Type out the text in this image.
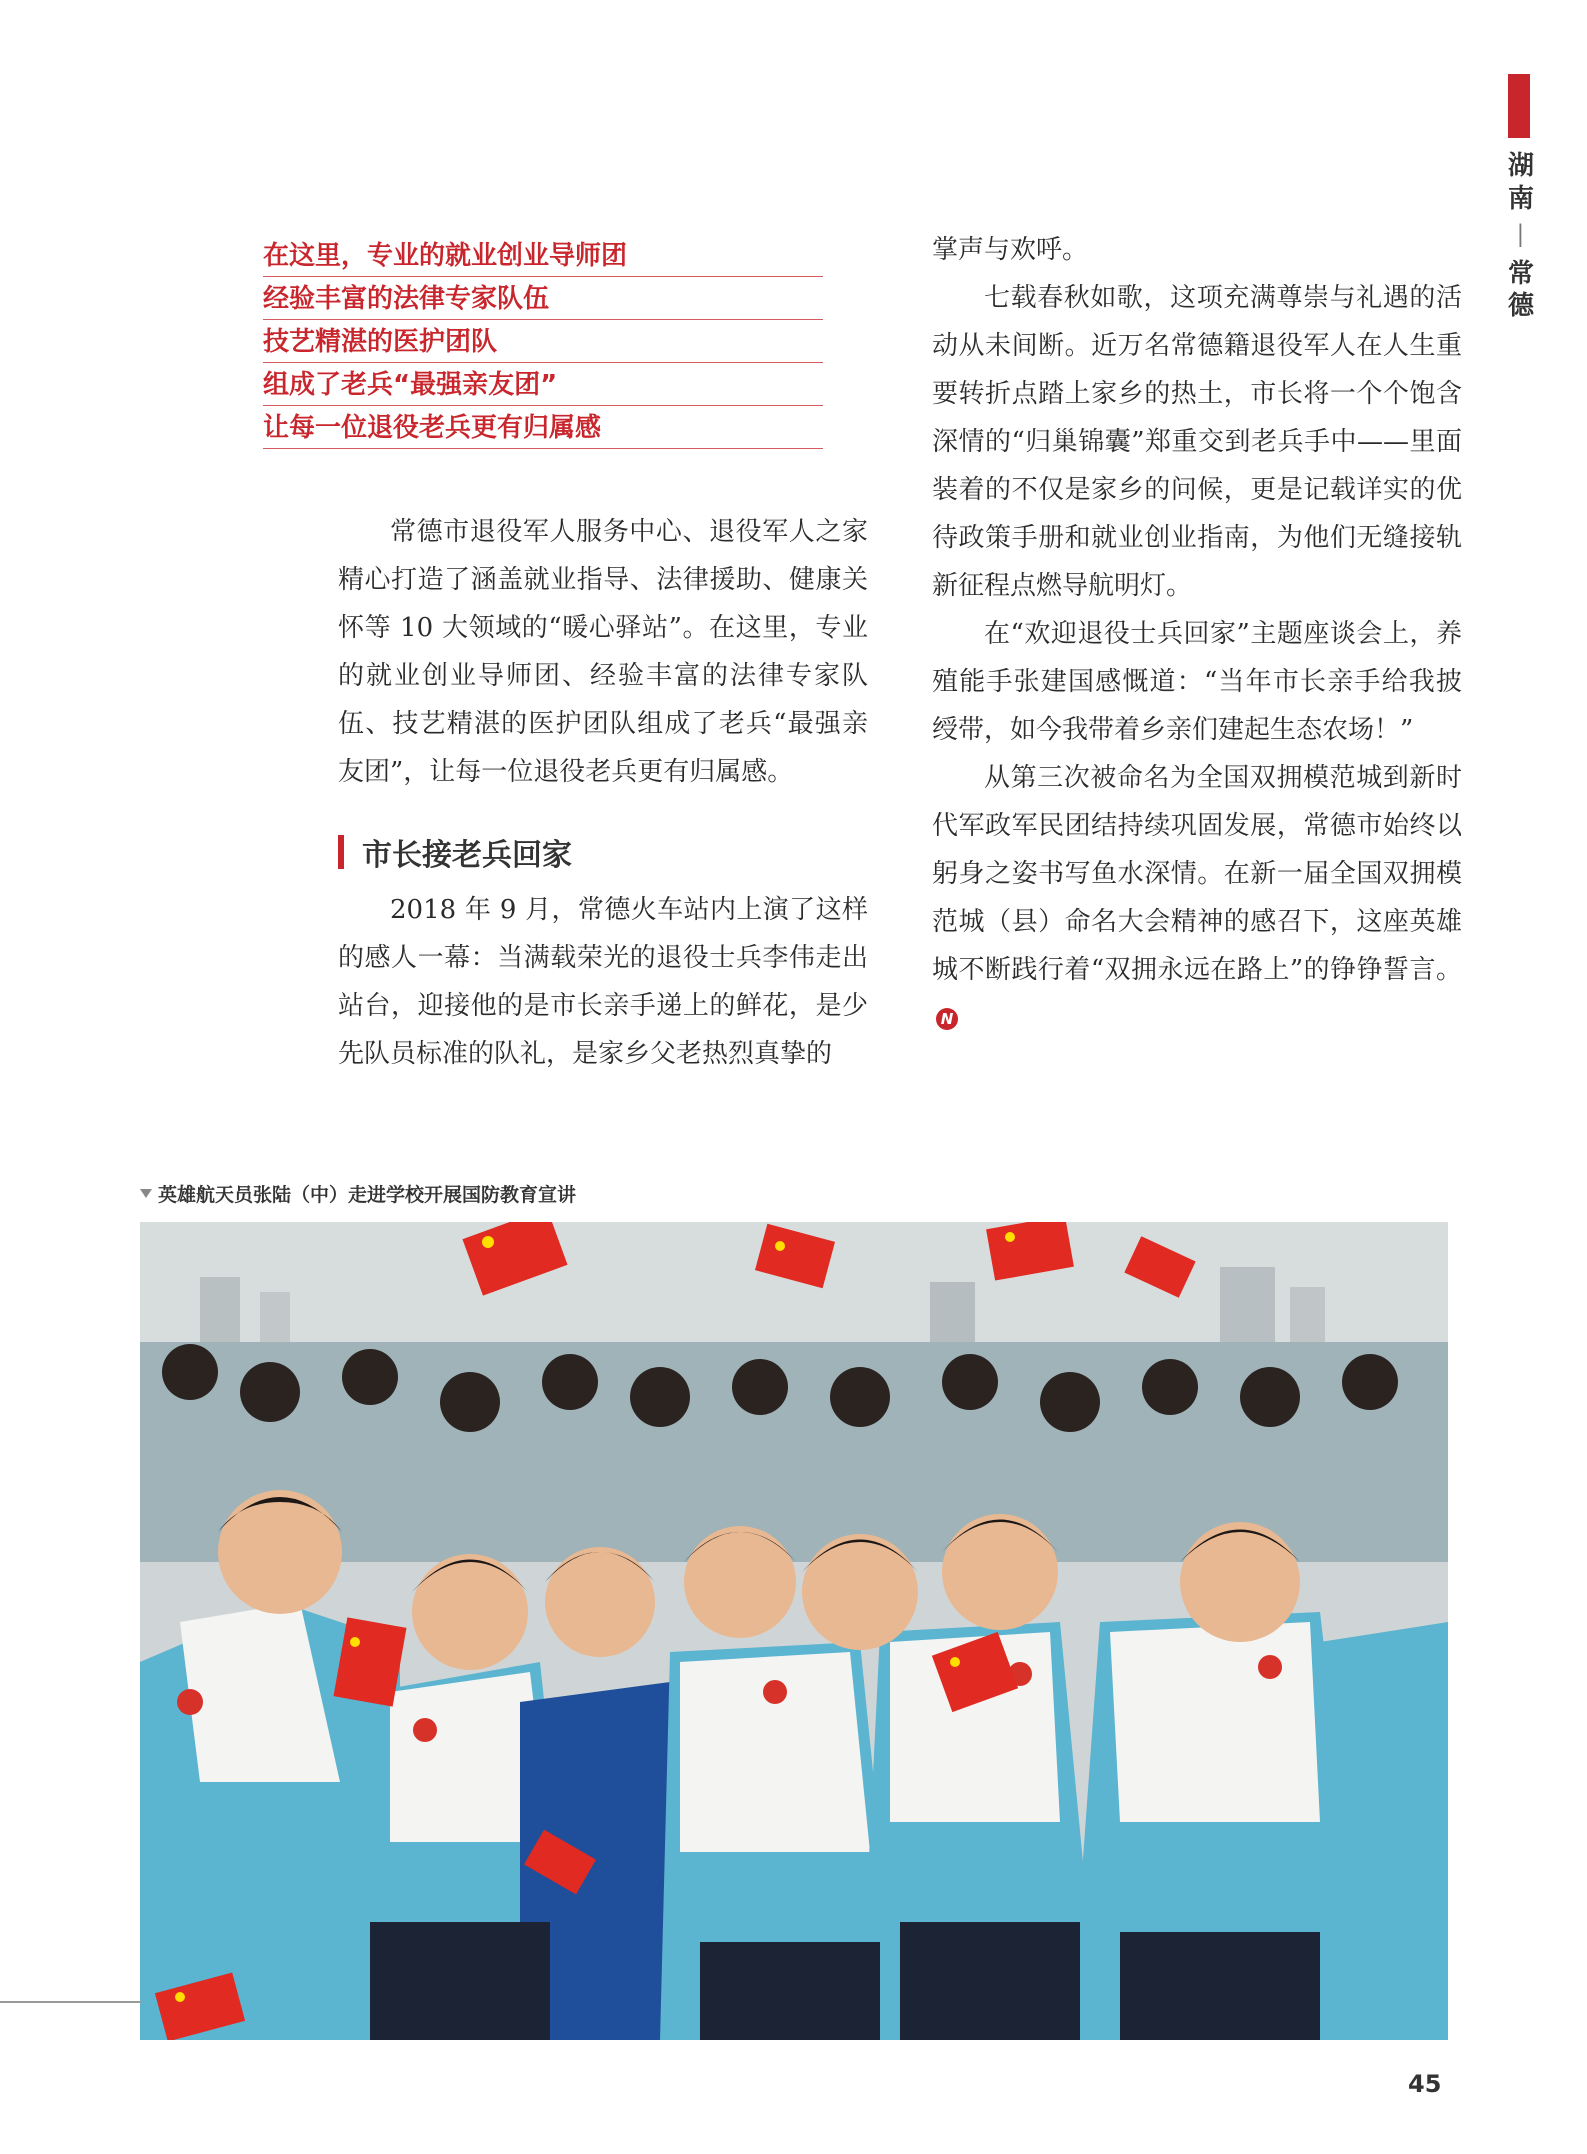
湖南
—
常德
在这里，专业的就业创业导师团
经验丰富的法律专家队伍
技艺精湛的医护团队
组成了老兵“最强亲友团”
让每一位退役老兵更有归属感

常德市退役军人服务中心、退役军人之家精心打造了涵盖就业指导、法律援助、健康关怀等 10 大领域的“暖心驿站”。在这里，专业的就业创业导师团、经验丰富的法律专家队伍、技艺精湛的医护团队组成了老兵“最强亲友团”，让每一位退役老兵更有归属感。

市长接老兵回家

2018 年 9 月，常德火车站内上演了这样的感人一幕：当满载荣光的退役士兵李伟走出站台，迎接他的是市长亲手递上的鲜花，是少先队员标准的队礼，是家乡父老热烈真挚的

掌声与欢呼。

七载春秋如歌，这项充满尊崇与礼遇的活动从未间断。近万名常德籍退役军人在人生重要转折点踏上家乡的热土，市长将一个个饱含深情的“归巢锦囊”郑重交到老兵手中——里面装着的不仅是家乡的问候，更是记载详实的优待政策手册和就业创业指南，为他们无缝接轨新征程点燃导航明灯。

在“欢迎退役士兵回家”主题座谈会上，养殖能手张建国感慨道：“当年市长亲手给我披绶带，如今我带着乡亲们建起生态农场！”

从第三次被命名为全国双拥模范城到新时代军政军民团结持续巩固发展，常德市始终以躬身之姿书写鱼水深情。在新一届全国双拥模范城（县）命名大会精神的感召下，这座英雄城不断践行着“双拥永远在路上”的铮铮誓言。N

英雄航天员张陆（中）走进学校开展国防教育宣讲
45
